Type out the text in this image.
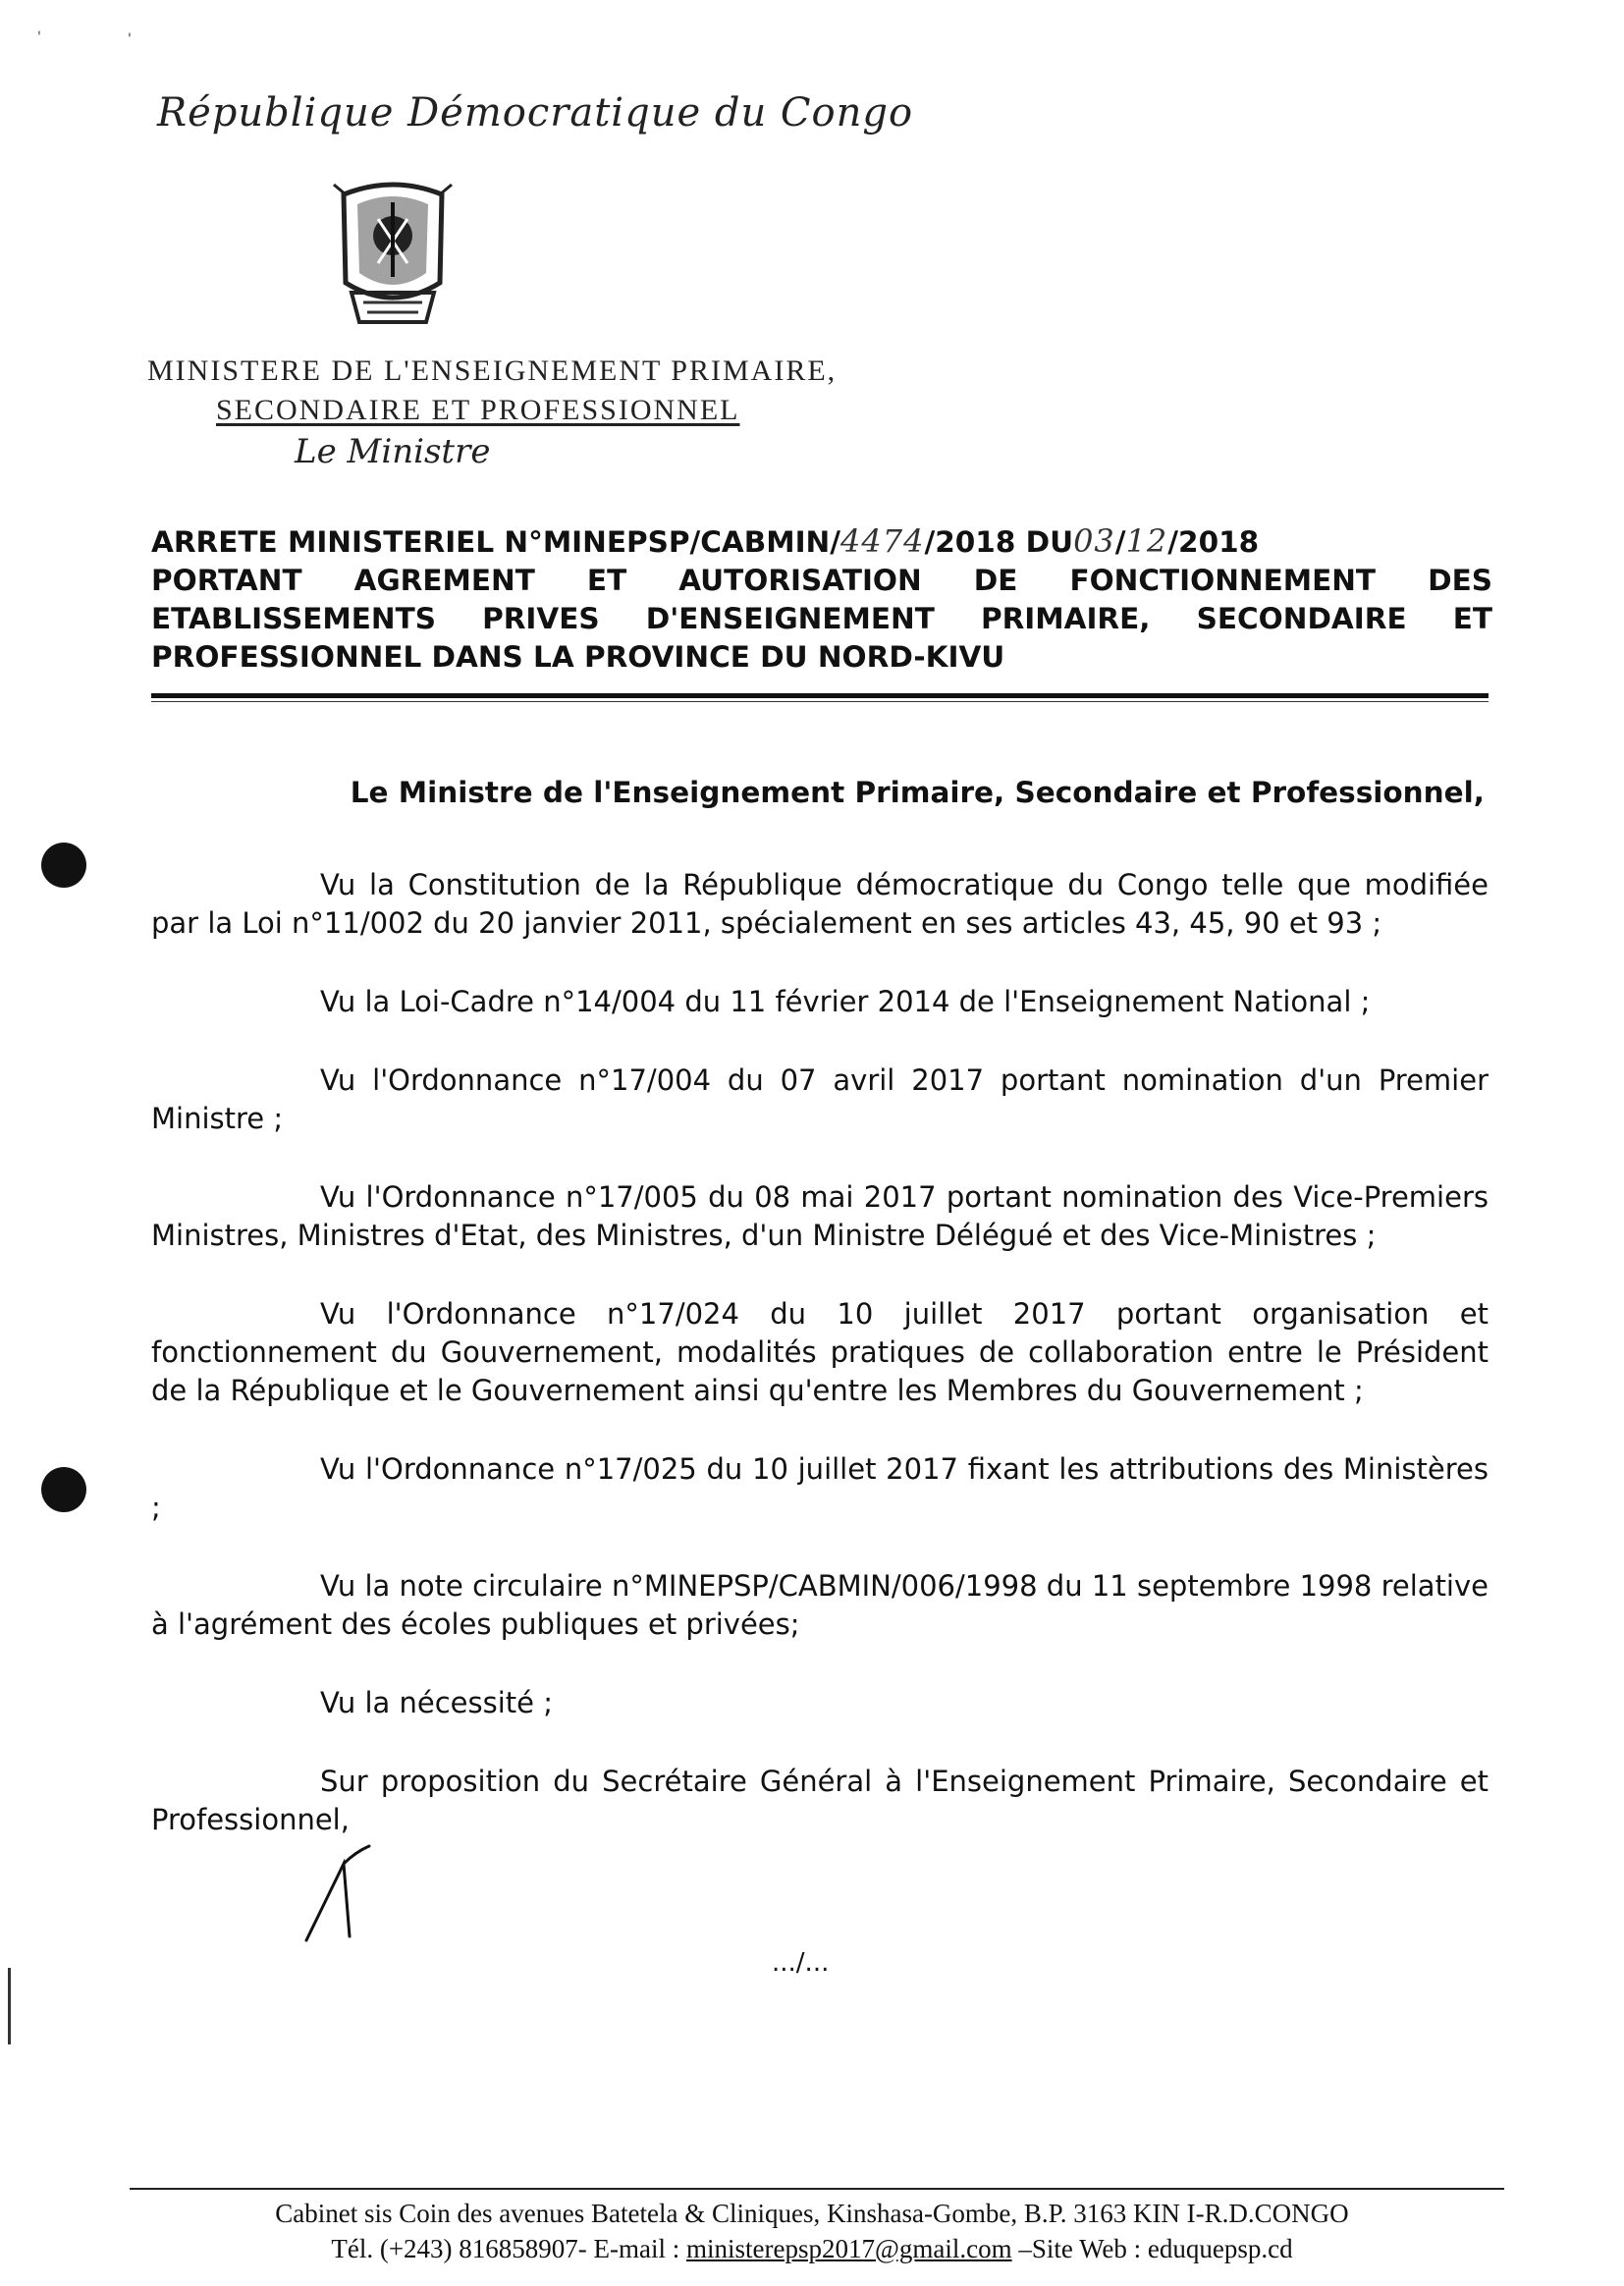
'	'
République Démocratique du Congo
MINISTERE DE L'ENSEIGNEMENT PRIMAIRE,
SECONDAIRE ET PROFESSIONNEL
Le Ministre
ARRETE MINISTERIEL N°MINEPSP/CABMIN/4474/2018 DU03/12/2018
PORTANT AGREMENT ET AUTORISATION DE FONCTIONNEMENT DES
ETABLISSEMENTS PRIVES D'ENSEIGNEMENT PRIMAIRE, SECONDAIRE ET
PROFESSIONNEL DANS LA PROVINCE DU NORD-KIVU
Le Ministre de l'Enseignement Primaire, Secondaire et Professionnel,

Vu la Constitution de la République démocratique du Congo telle que modifiée par la Loi n°11/002 du 20 janvier 2011, spécialement en ses articles 43, 45, 90 et 93 ;

Vu la Loi-Cadre n°14/004 du 11 février 2014 de l'Enseignement National ;

Vu l'Ordonnance n°17/004 du 07 avril 2017 portant nomination d'un Premier Ministre ;

Vu l'Ordonnance n°17/005 du 08 mai 2017 portant nomination des Vice-Premiers Ministres, Ministres d'Etat, des Ministres, d'un Ministre Délégué et des Vice-Ministres ;

Vu l'Ordonnance n°17/024 du 10 juillet 2017 portant organisation et fonctionnement du Gouvernement, modalités pratiques de collaboration entre le Président de la République et le Gouvernement ainsi qu'entre les Membres du Gouvernement ;

Vu l'Ordonnance n°17/025 du 10 juillet 2017 fixant les attributions des Ministères ;

Vu la note circulaire n°MINEPSP/CABMIN/006/1998 du 11 septembre 1998 relative à l'agrément des écoles publiques et privées;

Vu la nécessité ;

Sur proposition du Secrétaire Général à l'Enseignement Primaire, Secondaire et Professionnel,

.../...
Cabinet sis Coin des avenues Batetela & Cliniques, Kinshasa-Gombe, B.P. 3163 KIN I-R.D.CONGO
Tél. (+243) 816858907- E-mail : ministerepsp2017@gmail.com –Site Web : eduquepsp.cd
